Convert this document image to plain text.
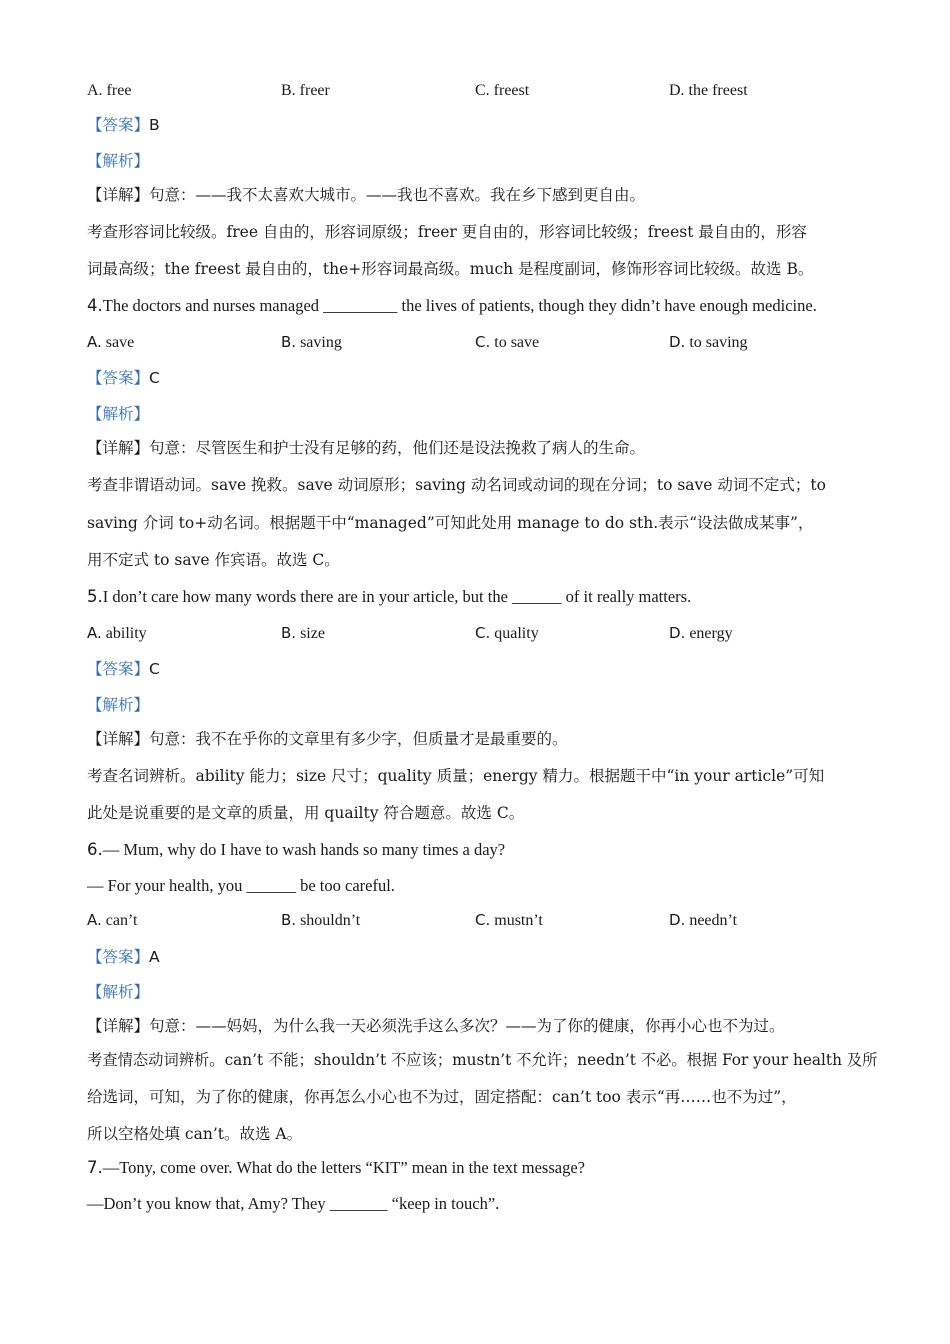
A. free	B. freer	C. freest	D. the freest
【答案】B
【解析】
【详解】句意：——我不太喜欢大城市。——我也不喜欢。我在乡下感到更自由。
考查形容词比较级。free 自由的，形容词原级；freer 更自由的，形容词比较级；freest 最自由的，形容
词最高级；the freest 最自由的，the+形容词最高级。much 是程度副词，修饰形容词比较级。故选 B。
4.The doctors and nurses managed _________ the lives of patients, though they didn’t have enough medicine.
A. save	B. saving	C. to save	D. to saving
【答案】C
【解析】
【详解】句意：尽管医生和护士没有足够的药，他们还是设法挽救了病人的生命。
考查非谓语动词。save 挽救。save 动词原形；saving 动名词或动词的现在分词；to save 动词不定式；to
saving 介词 to+动名词。根据题干中“managed”可知此处用 manage to do sth.表示“设法做成某事”，
用不定式 to save 作宾语。故选 C。
5.I don’t care how many words there are in your article, but the ______ of it really matters.
A. ability	B. size	C. quality	D. energy
【答案】C
【解析】
【详解】句意：我不在乎你的文章里有多少字，但质量才是最重要的。
考查名词辨析。ability 能力；size 尺寸；quality 质量；energy 精力。根据题干中“in your article”可知
此处是说重要的是文章的质量，用 quailty 符合题意。故选 C。
6.— Mum, why do I have to wash hands so many times a day?
— For your health, you ______ be too careful.
A. can’t	B. shouldn’t	C. mustn’t	D. needn’t
【答案】A
【解析】
【详解】句意：——妈妈，为什么我一天必须洗手这么多次？——为了你的健康，你再小心也不为过。
考查情态动词辨析。can’t 不能；shouldn’t 不应该；mustn’t 不允许；needn’t 不必。根据 For your health 及所
给选词，可知，为了你的健康，你再怎么小心也不为过，固定搭配：can’t too 表示“再……也不为过”，
所以空格处填 can’t。故选 A。
7.—Tony, come over. What do the letters “KIT” mean in the text message?
—Don’t you know that, Amy? They _______ “keep in touch”.
